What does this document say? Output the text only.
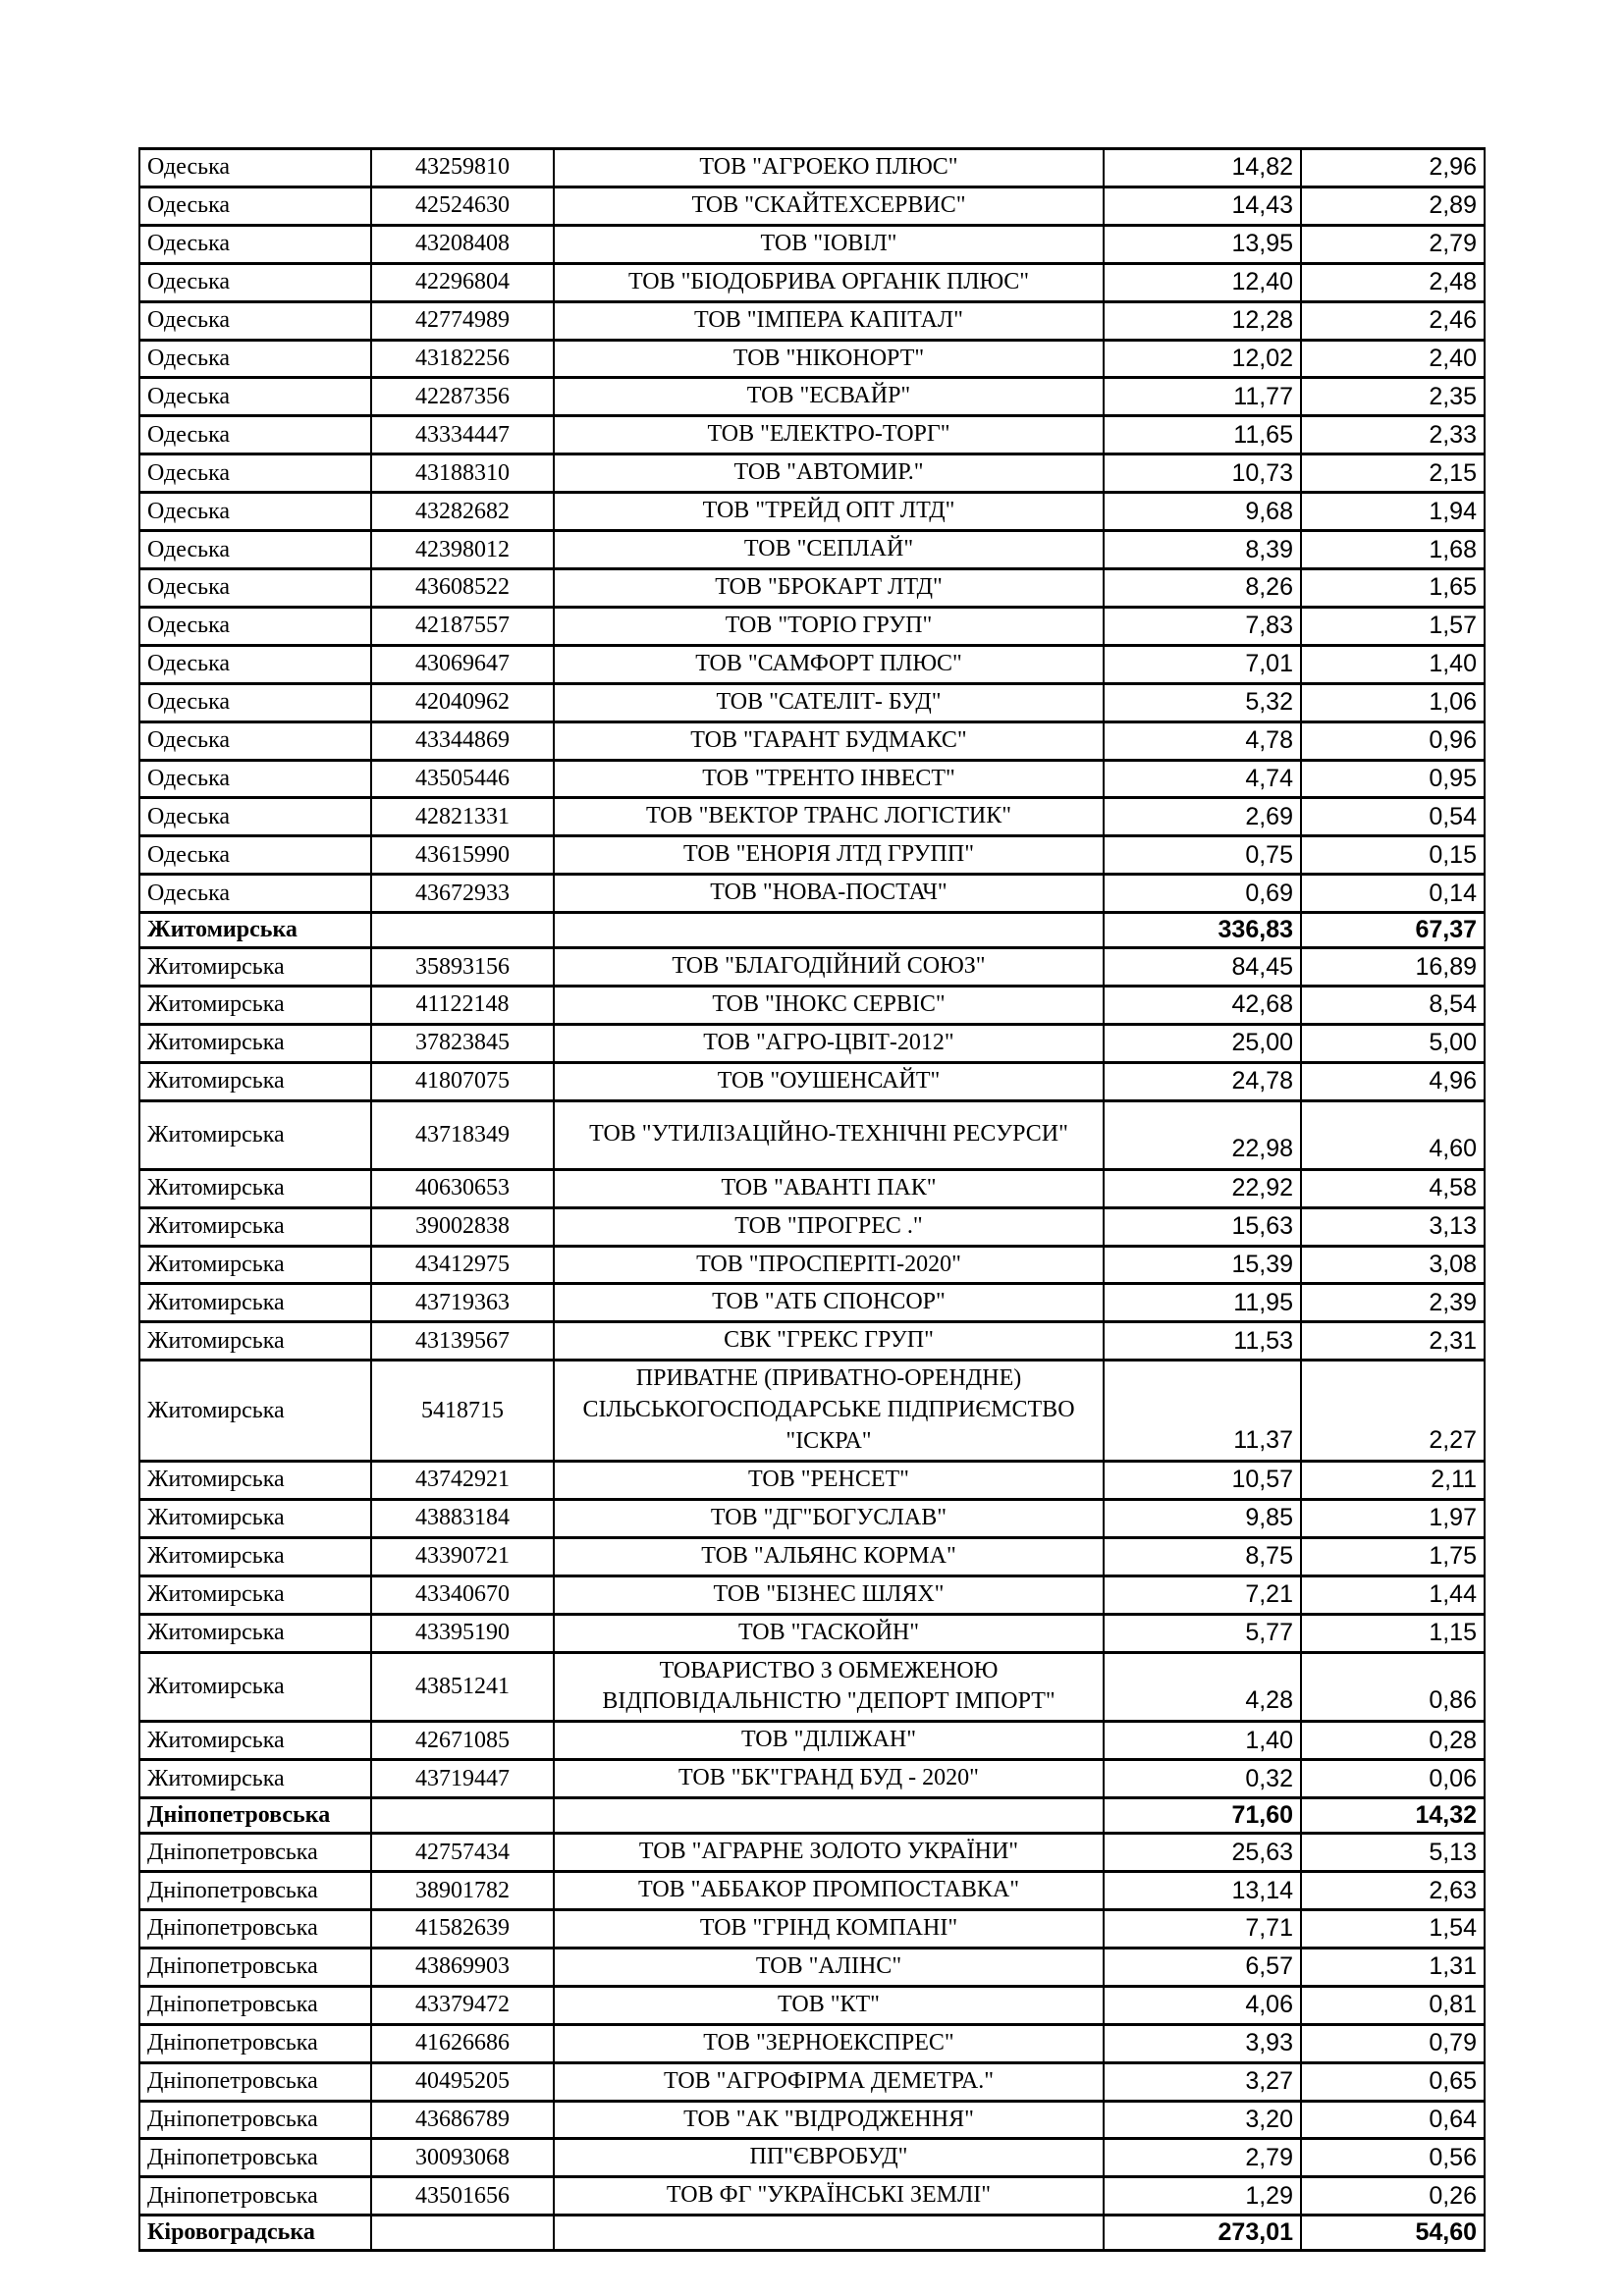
Одеська	43259810	ТОВ "АГРОЕКО ПЛЮС"	14,82	2,96
Одеська	42524630	ТОВ "СКАЙТЕХСЕРВИС"	14,43	2,89
Одеська	43208408	ТОВ "ІОВІЛ"	13,95	2,79
Одеська	42296804	ТОВ "БІОДОБРИВА ОРГАНІК ПЛЮС"	12,40	2,48
Одеська	42774989	ТОВ "ІМПЕРА КАПІТАЛ"	12,28	2,46
Одеська	43182256	ТОВ "НІКОНОРТ"	12,02	2,40
Одеська	42287356	ТОВ "ЕСВАЙР"	11,77	2,35
Одеська	43334447	ТОВ "ЕЛЕКТРО-ТОРГ"	11,65	2,33
Одеська	43188310	ТОВ "АВТОМИР."	10,73	2,15
Одеська	43282682	ТОВ "ТРЕЙД ОПТ ЛТД"	9,68	1,94
Одеська	42398012	ТОВ "СЕПЛАЙ"	8,39	1,68
Одеська	43608522	ТОВ "БРОКАРТ ЛТД"	8,26	1,65
Одеська	42187557	ТОВ "ТОРІО ГРУП"	7,83	1,57
Одеська	43069647	ТОВ "САМФОРТ ПЛЮС"	7,01	1,40
Одеська	42040962	ТОВ "САТЕЛІТ- БУД"	5,32	1,06
Одеська	43344869	ТОВ "ГАРАНТ БУДМАКС"	4,78	0,96
Одеська	43505446	ТОВ "ТРЕНТО ІНВЕСТ"	4,74	0,95
Одеська	42821331	ТОВ "ВЕКТОР ТРАНС ЛОГІСТИК"	2,69	0,54
Одеська	43615990	ТОВ "ЕНОРІЯ ЛТД ГРУПП"	0,75	0,15
Одеська	43672933	ТОВ "НОВА-ПОСТАЧ"	0,69	0,14
Житомирська			336,83	67,37
Житомирська	35893156	ТОВ "БЛАГОДІЙНИЙ СОЮЗ"	84,45	16,89
Житомирська	41122148	ТОВ "ІНОКС СЕРВІС"	42,68	8,54
Житомирська	37823845	ТОВ "АГРО-ЦВІТ-2012"	25,00	5,00
Житомирська	41807075	ТОВ "ОУШЕНСАЙТ"	24,78	4,96
Житомирська	43718349	ТОВ "УТИЛІЗАЦІЙНО-ТЕХНІЧНІ РЕСУРСИ"	22,98	4,60
Житомирська	40630653	ТОВ "АВАНТІ ПАК"	22,92	4,58
Житомирська	39002838	ТОВ "ПРОГРЕС ."	15,63	3,13
Житомирська	43412975	ТОВ "ПРОСПЕРІТІ-2020"	15,39	3,08
Житомирська	43719363	ТОВ "АТБ СПОНСОР"	11,95	2,39
Житомирська	43139567	СВК "ГРЕКС ГРУП"	11,53	2,31
Житомирська	5418715	ПРИВАТНЕ (ПРИВАТНО-ОРЕНДНЕ) СІЛЬСЬКОГОСПОДАРСЬКЕ ПІДПРИЄМСТВО "ІСКРА"	11,37	2,27
Житомирська	43742921	ТОВ "РЕНСЕТ"	10,57	2,11
Житомирська	43883184	ТОВ "ДГ"БОГУСЛАВ"	9,85	1,97
Житомирська	43390721	ТОВ "АЛЬЯНС КОРМА"	8,75	1,75
Житомирська	43340670	ТОВ "БІЗНЕС ШЛЯХ"	7,21	1,44
Житомирська	43395190	ТОВ "ГАСКОЙН"	5,77	1,15
Житомирська	43851241	ТОВАРИСТВО З ОБМЕЖЕНОЮ ВІДПОВІДАЛЬНІСТЮ "ДЕПОРТ ІМПОРТ"	4,28	0,86
Житомирська	42671085	ТОВ "ДІЛІЖАН"	1,40	0,28
Житомирська	43719447	ТОВ "БК"ГРАНД БУД - 2020"	0,32	0,06
Дніпопетровська			71,60	14,32
Дніпопетровська	42757434	ТОВ "АГРАРНЕ ЗОЛОТО УКРАЇНИ"	25,63	5,13
Дніпопетровська	38901782	ТОВ "АББАКОР ПРОМПОСТАВКА"	13,14	2,63
Дніпопетровська	41582639	ТОВ "ГРІНД КОМПАНІ"	7,71	1,54
Дніпопетровська	43869903	ТОВ "АЛІНС"	6,57	1,31
Дніпопетровська	43379472	ТОВ "КТ"	4,06	0,81
Дніпопетровська	41626686	ТОВ "ЗЕРНОЕКСПРЕС"	3,93	0,79
Дніпопетровська	40495205	ТОВ "АГРОФІРМА ДЕМЕТРА."	3,27	0,65
Дніпопетровська	43686789	ТОВ "АК "ВІДРОДЖЕННЯ"	3,20	0,64
Дніпопетровська	30093068	ПП"ЄВРОБУД"	2,79	0,56
Дніпопетровська	43501656	ТОВ ФГ "УКРАЇНСЬКІ ЗЕМЛІ"	1,29	0,26
Кіровоградська			273,01	54,60
